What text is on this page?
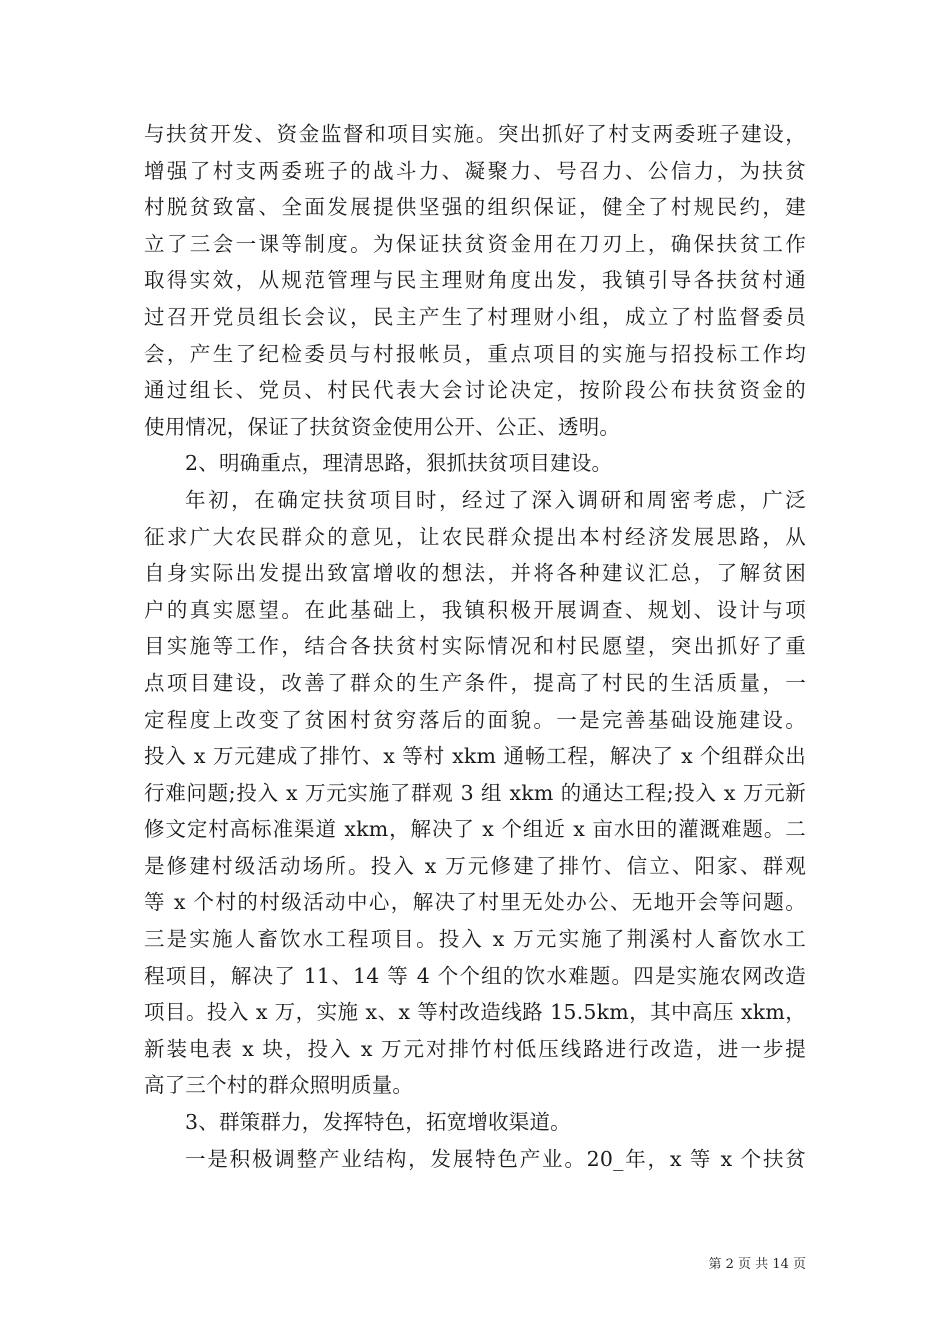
与扶贫开发、资金监督和项目实施。突出抓好了村支两委班子建设，
增强了村支两委班子的战斗力、凝聚力、号召力、公信力，为扶贫
村脱贫致富、全面发展提供坚强的组织保证，健全了村规民约，建
立了三会一课等制度。为保证扶贫资金用在刀刃上，确保扶贫工作
取得实效，从规范管理与民主理财角度出发，我镇引导各扶贫村通
过召开党员组长会议，民主产生了村理财小组，成立了村监督委员
会，产生了纪检委员与村报帐员，重点项目的实施与招投标工作均
通过组长、党员、村民代表大会讨论决定，按阶段公布扶贫资金的
使用情况，保证了扶贫资金使用公开、公正、透明。
2、明确重点，理清思路，狠抓扶贫项目建设。
年初，在确定扶贫项目时，经过了深入调研和周密考虑，广泛
征求广大农民群众的意见，让农民群众提出本村经济发展思路，从
自身实际出发提出致富增收的想法，并将各种建议汇总，了解贫困
户的真实愿望。在此基础上，我镇积极开展调查、规划、设计与项
目实施等工作，结合各扶贫村实际情况和村民愿望，突出抓好了重
点项目建设，改善了群众的生产条件，提高了村民的生活质量，一
定程度上改变了贫困村贫穷落后的面貌。一是完善基础设施建设。
投入 x 万元建成了排竹、x 等村 xkm 通畅工程，解决了 x 个组群众出
行难问题;投入 x 万元实施了群观 3 组 xkm 的通达工程;投入 x 万元新
修文定村高标准渠道 xkm，解决了 x 个组近 x 亩水田的灌溉难题。二
是修建村级活动场所。投入 x 万元修建了排竹、信立、阳家、群观
等 x 个村的村级活动中心，解决了村里无处办公、无地开会等问题。
三是实施人畜饮水工程项目。投入 x 万元实施了荆溪村人畜饮水工
程项目，解决了 11、14 等 4 个个组的饮水难题。四是实施农网改造
项目。投入 x 万，实施 x、x 等村改造线路 15.5km，其中高压 xkm，
新装电表 x 块，投入 x 万元对排竹村低压线路进行改造，进一步提
高了三个村的群众照明质量。
3、群策群力，发挥特色，拓宽增收渠道。
一是积极调整产业结构，发展特色产业。20_年，x 等 x 个扶贫
第 2 页 共 14 页
